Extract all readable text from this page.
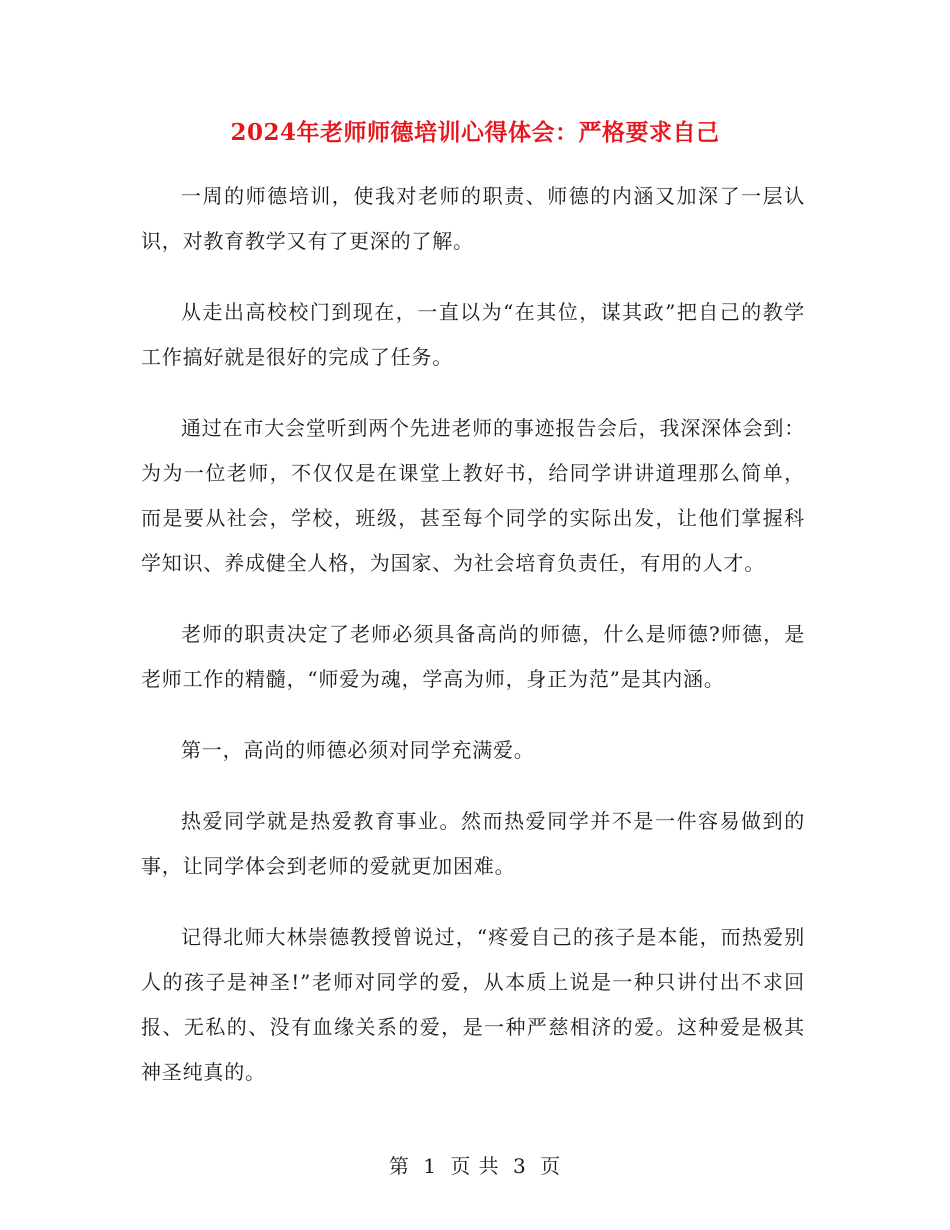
2024年老师师德培训心得体会：严格要求自己

一周的师德培训，使我对老师的职责、师德的内涵又加深了一层认识，对教育教学又有了更深的了解。

从走出高校校门到现在，一直以为“在其位，谋其政”把自己的教学工作搞好就是很好的完成了任务。

通过在市大会堂听到两个先进老师的事迹报告会后，我深深体会到：为为一位老师，不仅仅是在课堂上教好书，给同学讲讲道理那么简单，而是要从社会，学校，班级，甚至每个同学的实际出发，让他们掌握科学知识、养成健全人格，为国家、为社会培育负责任，有用的人才。

老师的职责决定了老师必须具备高尚的师德，什么是师德?师德，是老师工作的精髓，“师爱为魂，学高为师，身正为范”是其内涵。

第一，高尚的师德必须对同学充满爱。

热爱同学就是热爱教育事业。然而热爱同学并不是一件容易做到的事，让同学体会到老师的爱就更加困难。

记得北师大林崇德教授曾说过，“疼爱自己的孩子是本能，而热爱别人的孩子是神圣!”老师对同学的爱，从本质上说是一种只讲付出不求回报、无私的、没有血缘关系的爱，是一种严慈相济的爱。这种爱是极其神圣纯真的。

第 1 页 共 3 页
